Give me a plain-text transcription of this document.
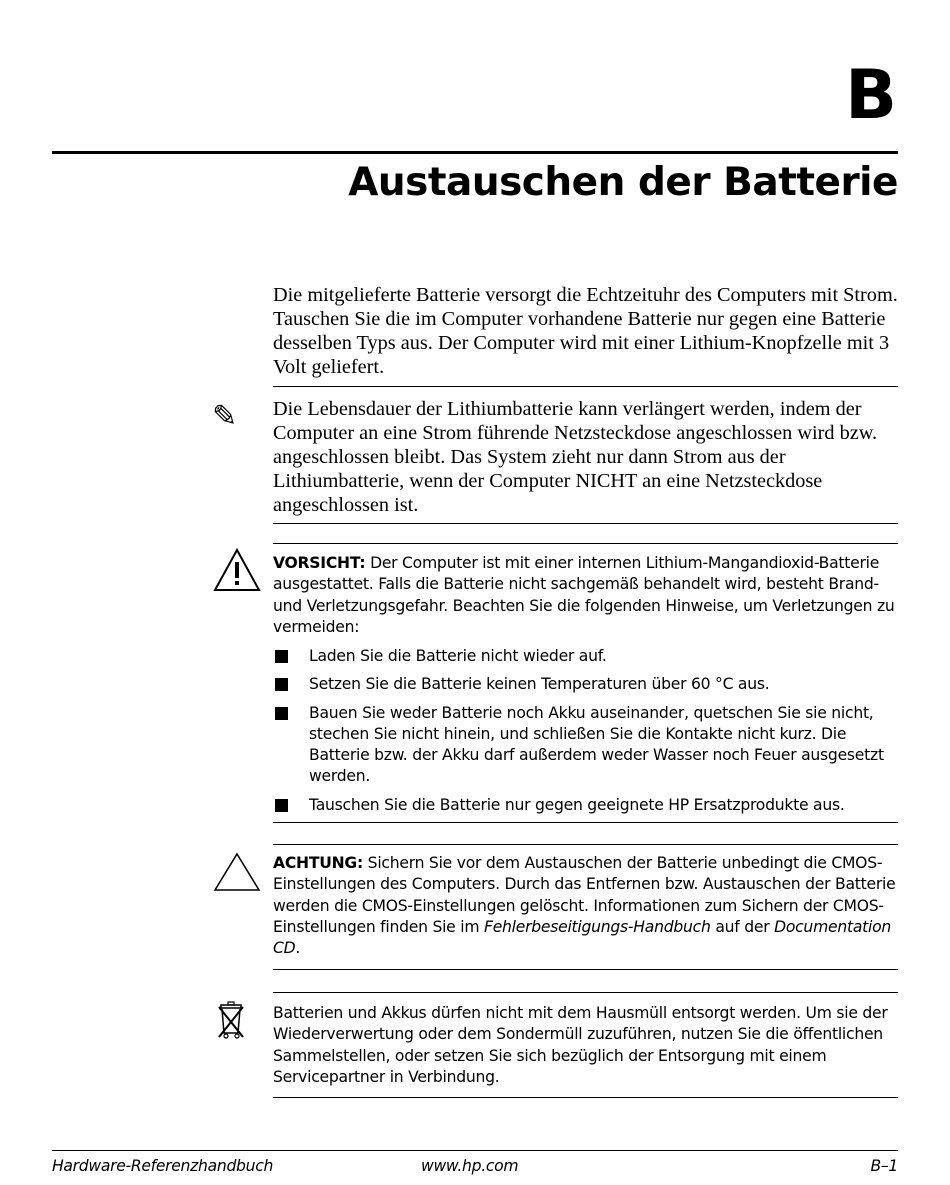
B
Austauschen der Batterie

Die mitgelieferte Batterie versorgt die Echtzeituhr des Computers mit Strom. Tauschen Sie die im Computer vorhandene Batterie nur gegen eine Batterie desselben Typs aus. Der Computer wird mit einer Lithium-Knopfzelle mit 3 Volt geliefert.

✎ Die Lebensdauer der Lithiumbatterie kann verlängert werden, indem der Computer an eine Strom führende Netzsteckdose angeschlossen wird bzw. angeschlossen bleibt. Das System zieht nur dann Strom aus der Lithiumbatterie, wenn der Computer NICHT an eine Netzsteckdose angeschlossen ist.

VORSICHT: Der Computer ist mit einer internen Lithium-Mangandioxid-Batterie ausgestattet. Falls die Batterie nicht sachgemäß behandelt wird, besteht Brand- und Verletzungsgefahr. Beachten Sie die folgenden Hinweise, um Verletzungen zu vermeiden:

Laden Sie die Batterie nicht wieder auf.
Setzen Sie die Batterie keinen Temperaturen über 60 °C aus.
Bauen Sie weder Batterie noch Akku auseinander, quetschen Sie sie nicht, stechen Sie nicht hinein, und schließen Sie die Kontakte nicht kurz. Die Batterie bzw. der Akku darf außerdem weder Wasser noch Feuer ausgesetzt werden.
Tauschen Sie die Batterie nur gegen geeignete HP Ersatzprodukte aus.

ACHTUNG: Sichern Sie vor dem Austauschen der Batterie unbedingt die CMOS-Einstellungen des Computers. Durch das Entfernen bzw. Austauschen der Batterie werden die CMOS-Einstellungen gelöscht. Informationen zum Sichern der CMOS-Einstellungen finden Sie im Fehlerbeseitigungs-Handbuch auf der Documentation CD.

Batterien und Akkus dürfen nicht mit dem Hausmüll entsorgt werden. Um sie der Wiederverwertung oder dem Sondermüll zuzuführen, nutzen Sie die öffentlichen Sammelstellen, oder setzen Sie sich bezüglich der Entsorgung mit einem Servicepartner in Verbindung.

Hardware-Referenzhandbuch	www.hp.com	B–1
